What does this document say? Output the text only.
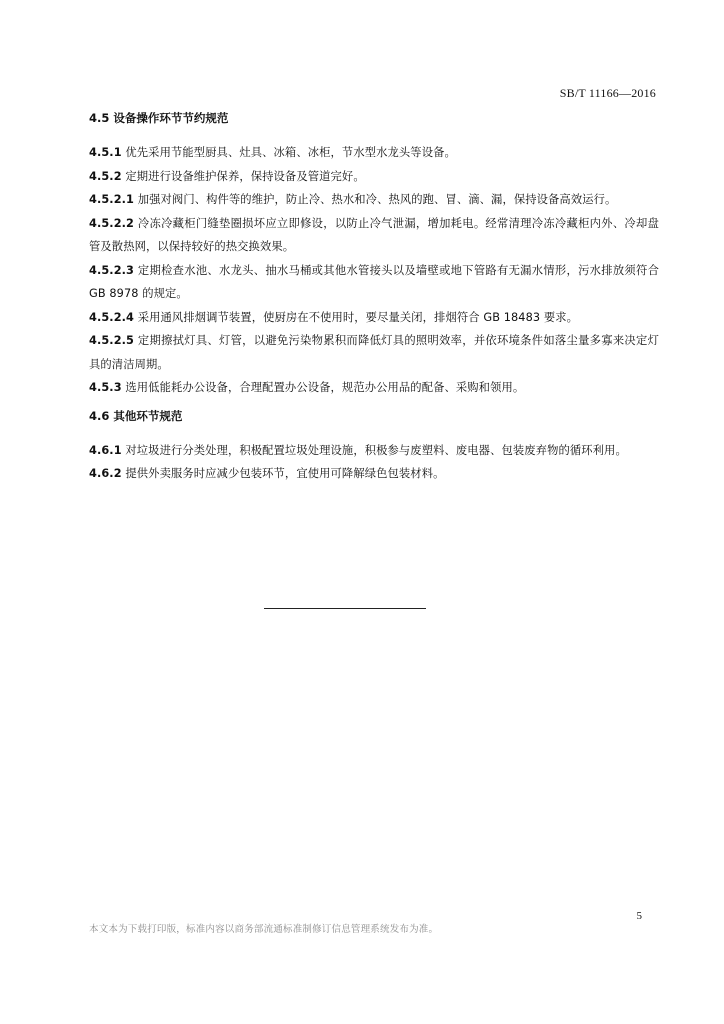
SB/T 11166—2016
4.5 设备操作环节节约规范

4.5.1 优先采用节能型厨具、灶具、冰箱、冰柜，节水型水龙头等设备。

4.5.2 定期进行设备维护保养，保持设备及管道完好。

4.5.2.1 加强对阀门、构件等的维护，防止冷、热水和冷、热风的跑、冒、滴、漏，保持设备高效运行。

4.5.2.2 冷冻冷藏柜门缝垫圈损坏应立即修设，以防止冷气泄漏，增加耗电。经常清理冷冻冷藏柜内外、冷却盘管及散热网，以保持较好的热交换效果。

4.5.2.3 定期检查水池、水龙头、抽水马桶或其他水管接头以及墙壁或地下管路有无漏水情形，污水排放须符合 GB 8978 的规定。

4.5.2.4 采用通风排烟调节装置，使厨房在不使用时，要尽量关闭，排烟符合 GB 18483 要求。

4.5.2.5 定期擦拭灯具、灯管，以避免污染物累积而降低灯具的照明效率，并依环境条件如落尘量多寡来决定灯具的清洁周期。

4.5.3 选用低能耗办公设备，合理配置办公设备，规范办公用品的配备、采购和领用。

4.6 其他环节规范

4.6.1 对垃圾进行分类处理，积极配置垃圾处理设施，积极参与废塑料、废电器、包装废弃物的循环利用。

4.6.2 提供外卖服务时应减少包装环节，宜使用可降解绿色包装材料。

5
本文本为下载打印版，标准内容以商务部流通标准制修订信息管理系统发布为准。
